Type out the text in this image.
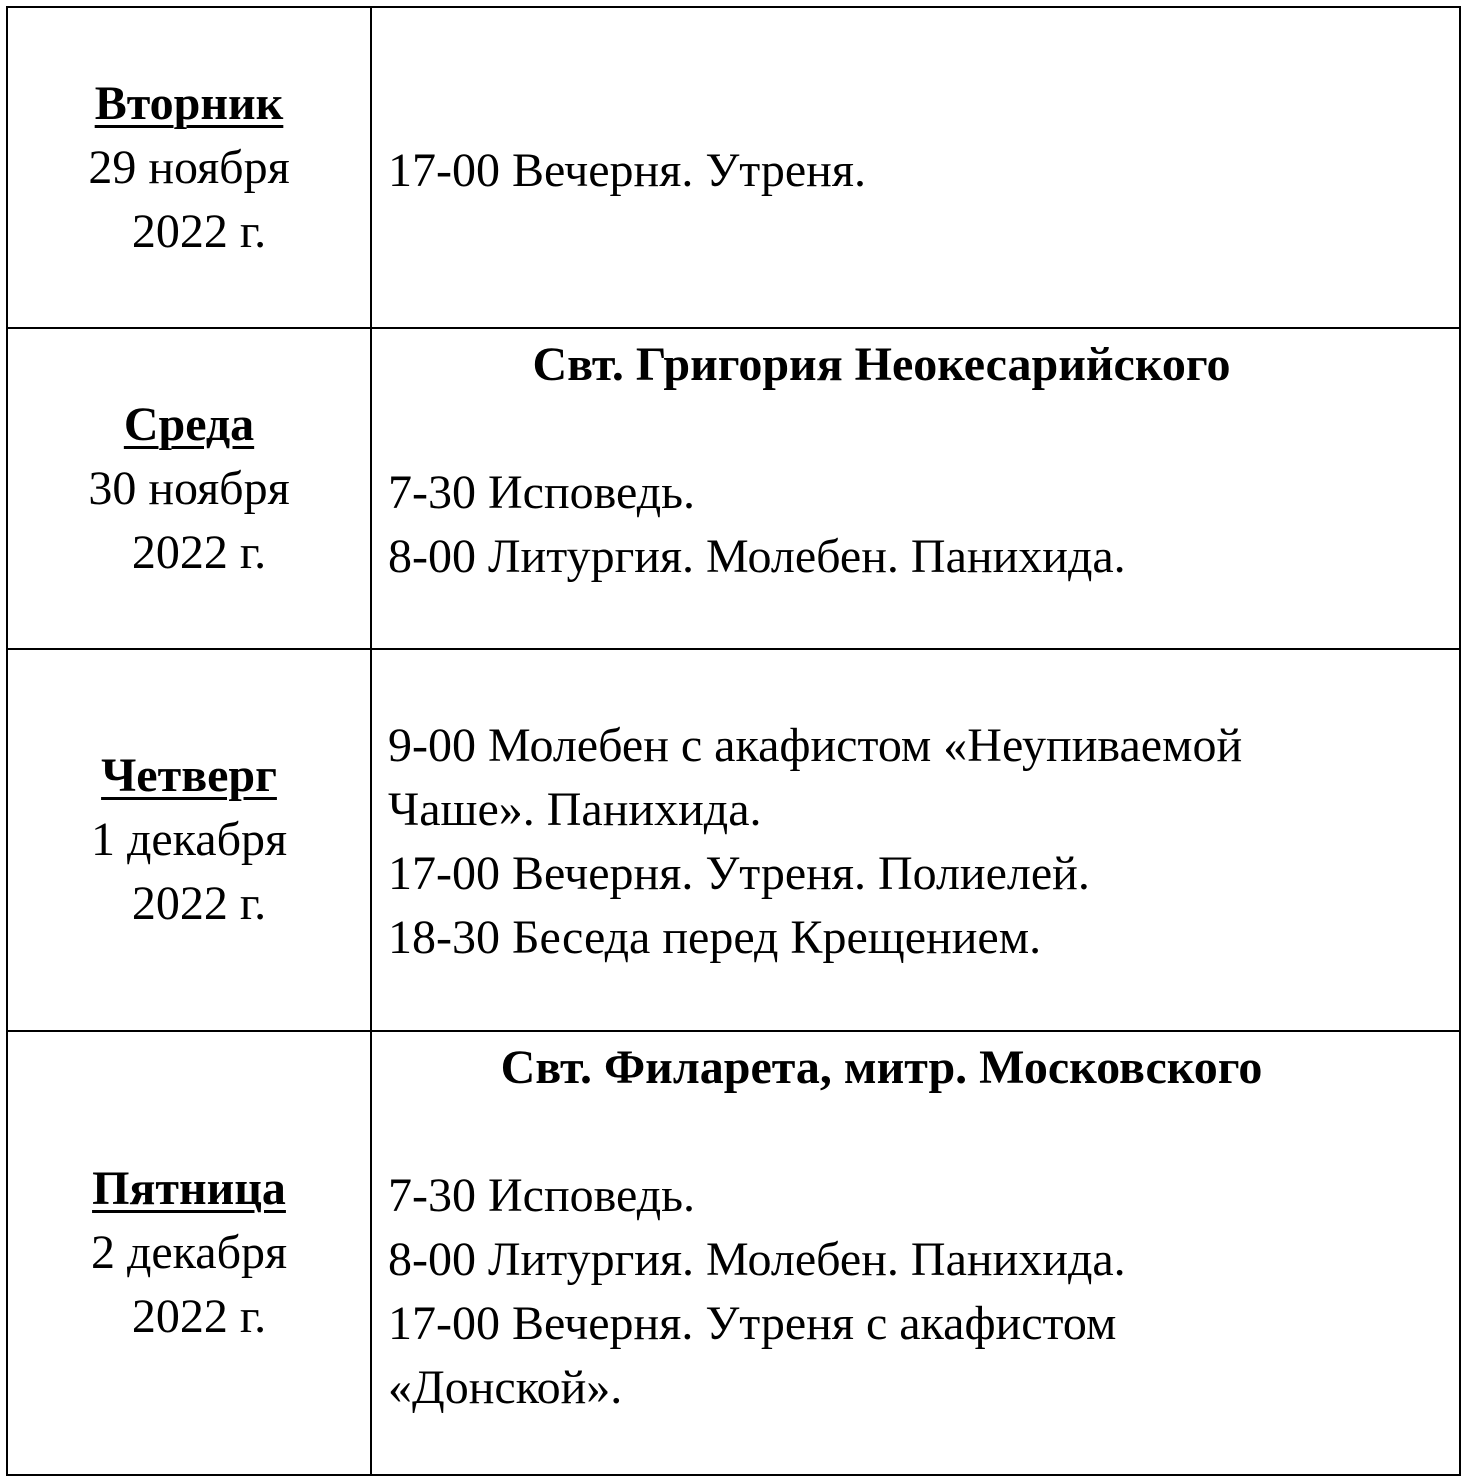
Вторник
29 ноября
2022 г.
17-00 Вечерня. Утреня.
Среда
30 ноября
2022 г.
Свт. Григория Неокесарийского
7-30 Исповедь.
8-00 Литургия. Молебен. Панихида.
Четверг
1 декабря
2022 г.
9-00 Молебен с акафистом «Неупиваемой
Чаше». Панихида.
17-00 Вечерня. Утреня. Полиелей.
18-30 Беседа перед Крещением.
Пятница
2 декабря
2022 г.
Свт. Филарета, митр. Московского
7-30 Исповедь.
8-00 Литургия. Молебен. Панихида.
17-00 Вечерня. Утреня с акафистом
«Донской».
